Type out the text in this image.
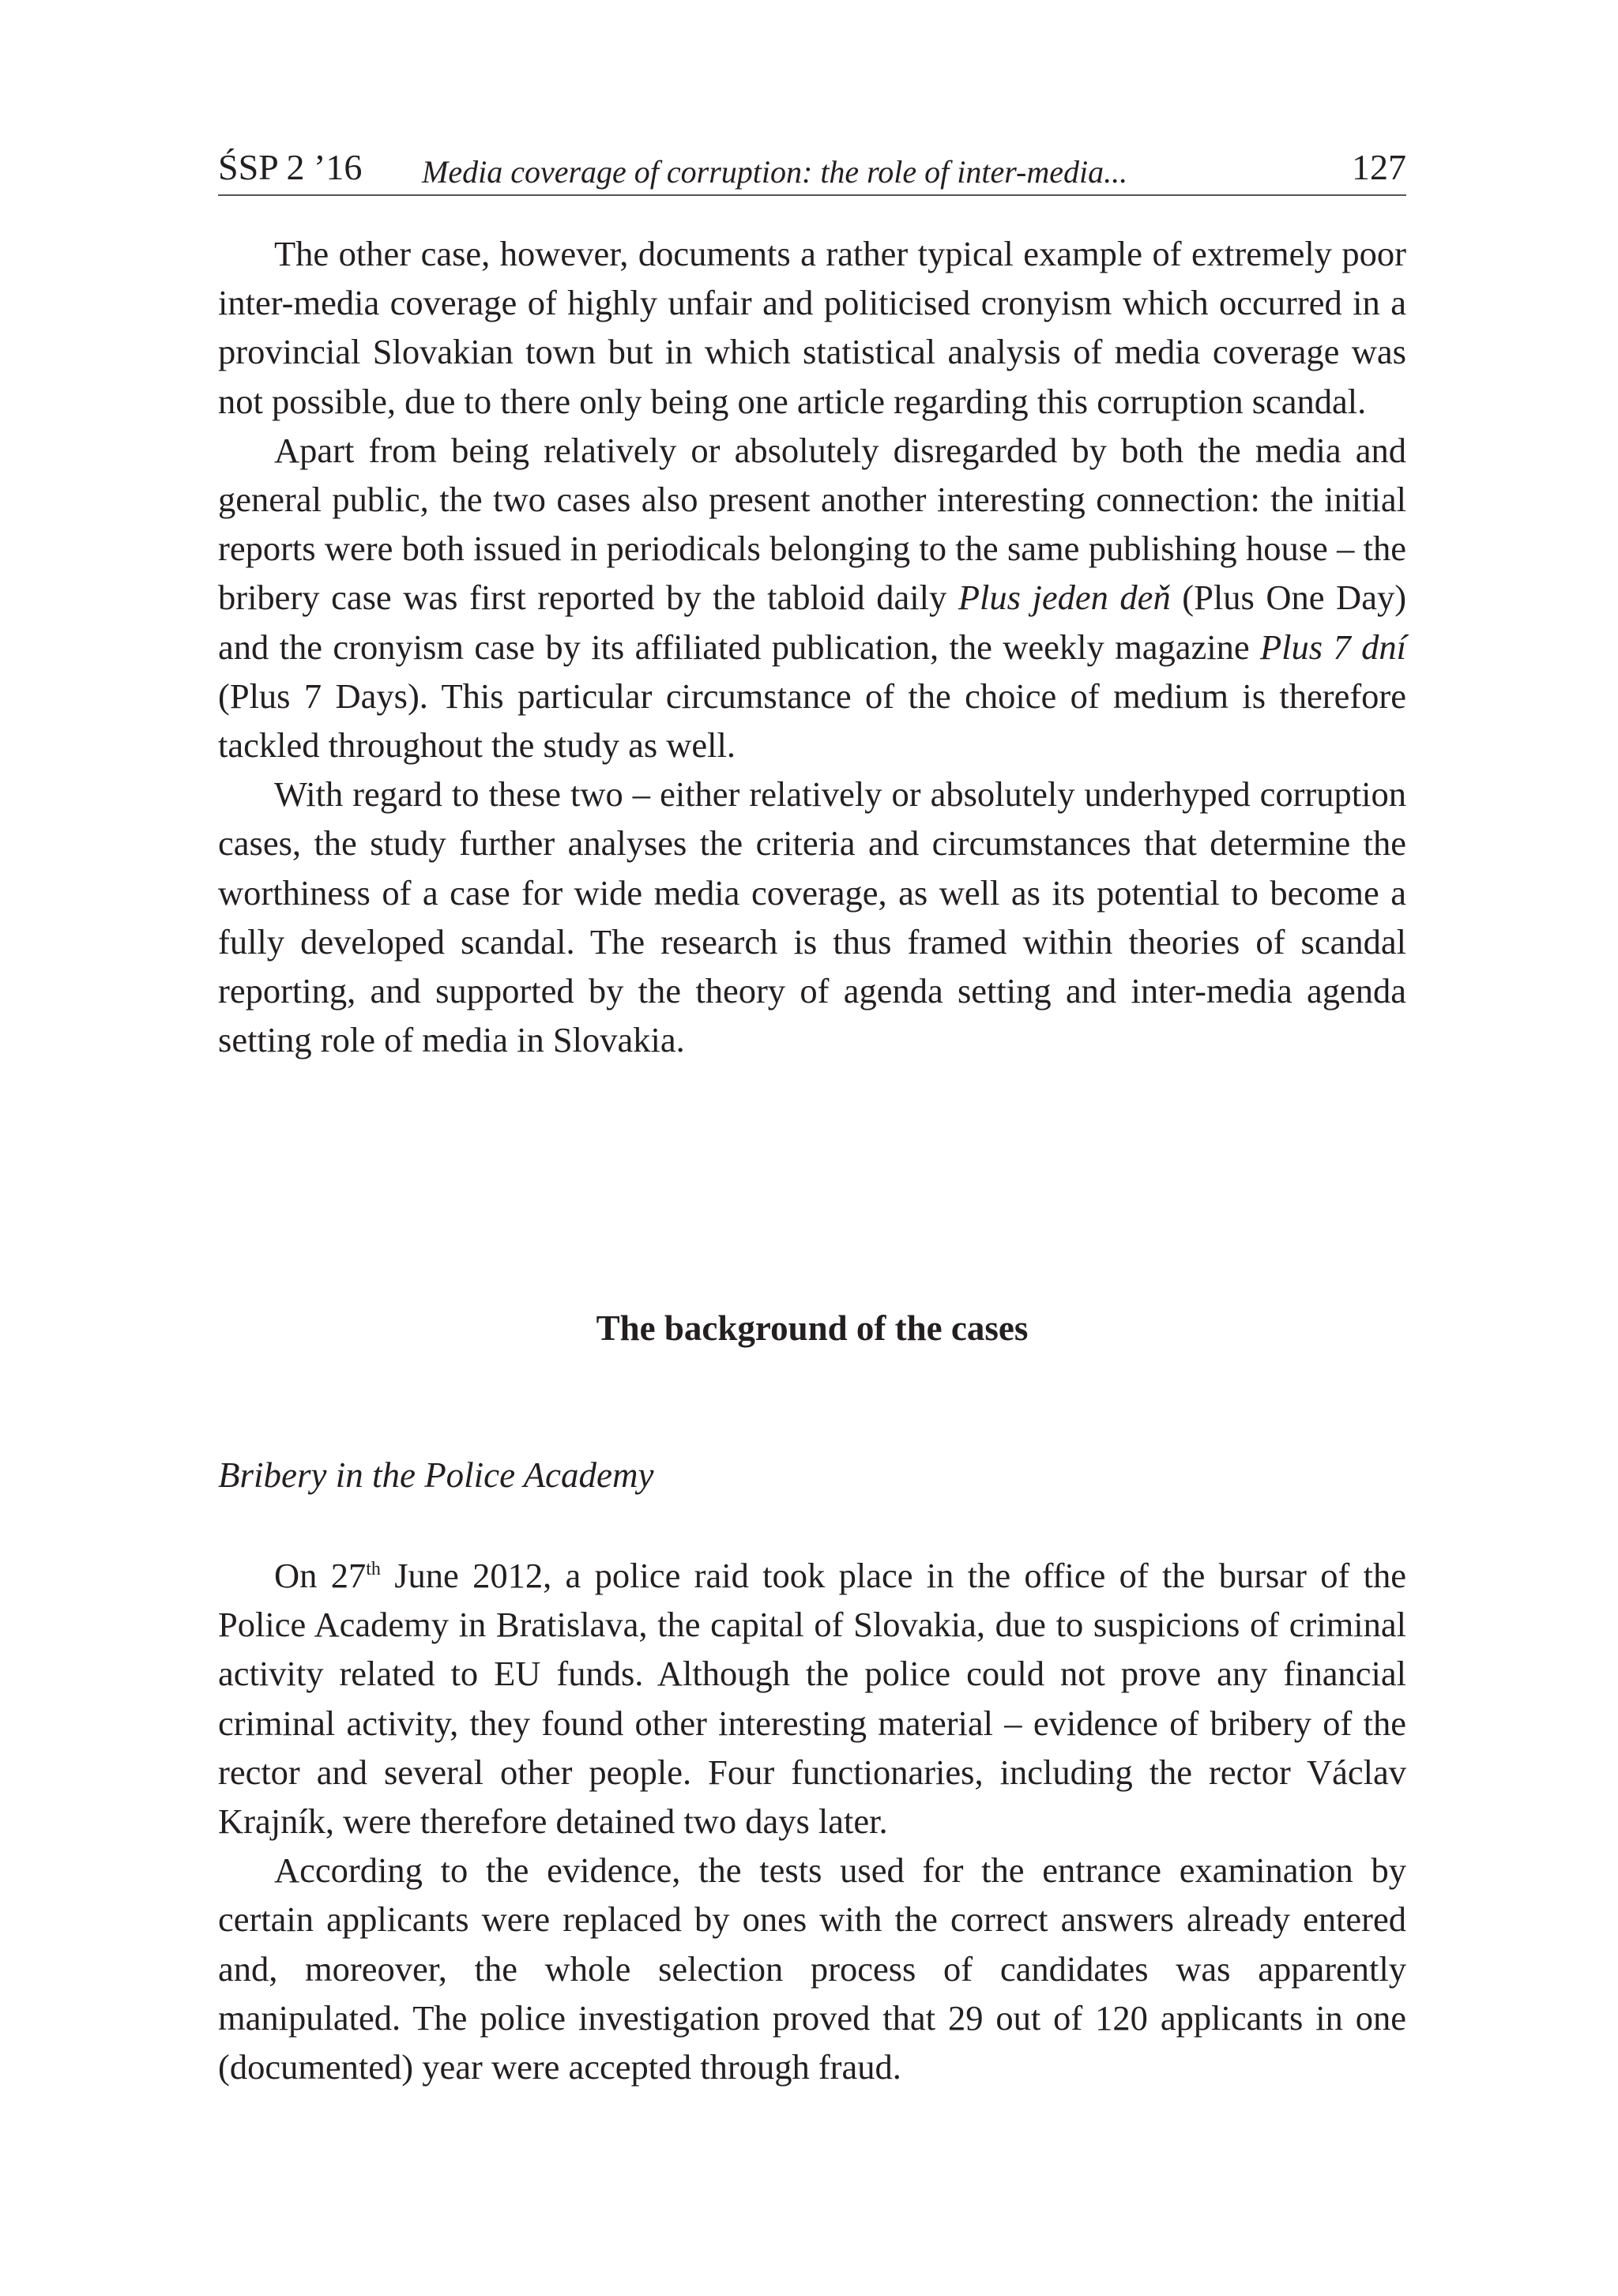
ŚSP 2 ’16 Media coverage of corruption: the role of inter-media...	127

The other case, however, documents a rather typical example of extremely poor inter-media coverage of highly unfair and politicised cronyism which occurred in a provincial Slovakian town but in which statistical analysis of media coverage was not possible, due to there only being one article regarding this corruption scandal.

Apart from being relatively or absolutely disregarded by both the media and general public, the two cases also present another interesting connection: the initial reports were both issued in periodicals belonging to the same publishing house – the bribery case was first reported by the tabloid daily Plus jeden deň (Plus One Day) and the cronyism case by its affiliated publication, the weekly magazine Plus 7 dní (Plus 7 Days). This particular circumstance of the choice of medium is therefore tackled throughout the study as well.

With regard to these two – either relatively or absolutely underhyped corruption cases, the study further analyses the criteria and circumstances that determine the worthiness of a case for wide media coverage, as well as its potential to become a fully developed scandal. The research is thus framed within theories of scandal reporting, and supported by the theory of agenda setting and inter-media agenda setting role of media in Slovakia.

The background of the cases
Bribery in the Police Academy

On 27th June 2012, a police raid took place in the office of the bursar of the Police Academy in Bratislava, the capital of Slovakia, due to suspicions of criminal activity related to EU funds. Although the police could not prove any financial criminal activity, they found other interesting material – evidence of bribery of the rector and several other people. Four functionaries, including the rector Václav Krajník, were therefore detained two days later.

According to the evidence, the tests used for the entrance examination by certain applicants were replaced by ones with the correct answers already entered and, moreover, the whole selection process of candidates was apparently manipulated. The police investigation proved that 29 out of 120 applicants in one (documented) year were accepted through fraud.
